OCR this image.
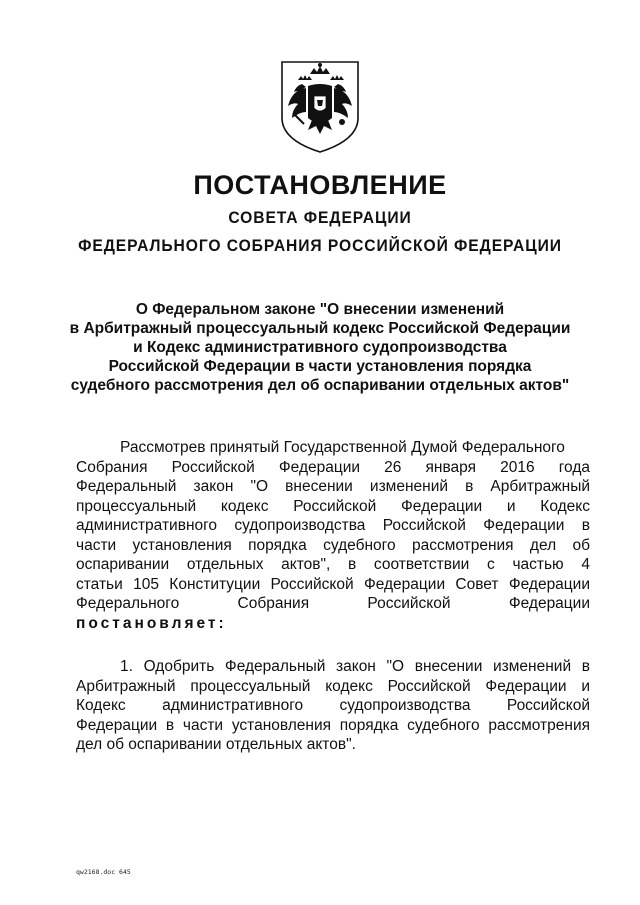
ПОСТАНОВЛЕНИЕ
СОВЕТА ФЕДЕРАЦИИ
ФЕДЕРАЛЬНОГО СОБРАНИЯ РОССИЙСКОЙ ФЕДЕРАЦИИ
О Федеральном законе "О внесении изменений
в Арбитражный процессуальный кодекс Российской Федерации
и Кодекс административного судопроизводства
Российской Федерации в части установления порядка
судебного рассмотрения дел об оспаривании отдельных актов"
Рассмотрев принятый Государственной Думой Федерального
Собрания Российской Федерации 26 января 2016 года
Федеральный закон "О внесении изменений в Арбитражный
процессуальный кодекс Российской Федерации и Кодекс
административного судопроизводства Российской Федерации в
части установления порядка судебного рассмотрения дел об
оспаривании отдельных актов", в соответствии с частью 4
статьи 105 Конституции Российской Федерации Совет Федерации
Федерального Собрания Российской Федерации
постановляет:
1. Одобрить Федеральный закон "О внесении изменений в
Арбитражный процессуальный кодекс Российской Федерации и
Кодекс административного судопроизводства Российской
Федерации в части установления порядка судебного рассмотрения
дел об оспаривании отдельных актов".
qw2168.doc 645
